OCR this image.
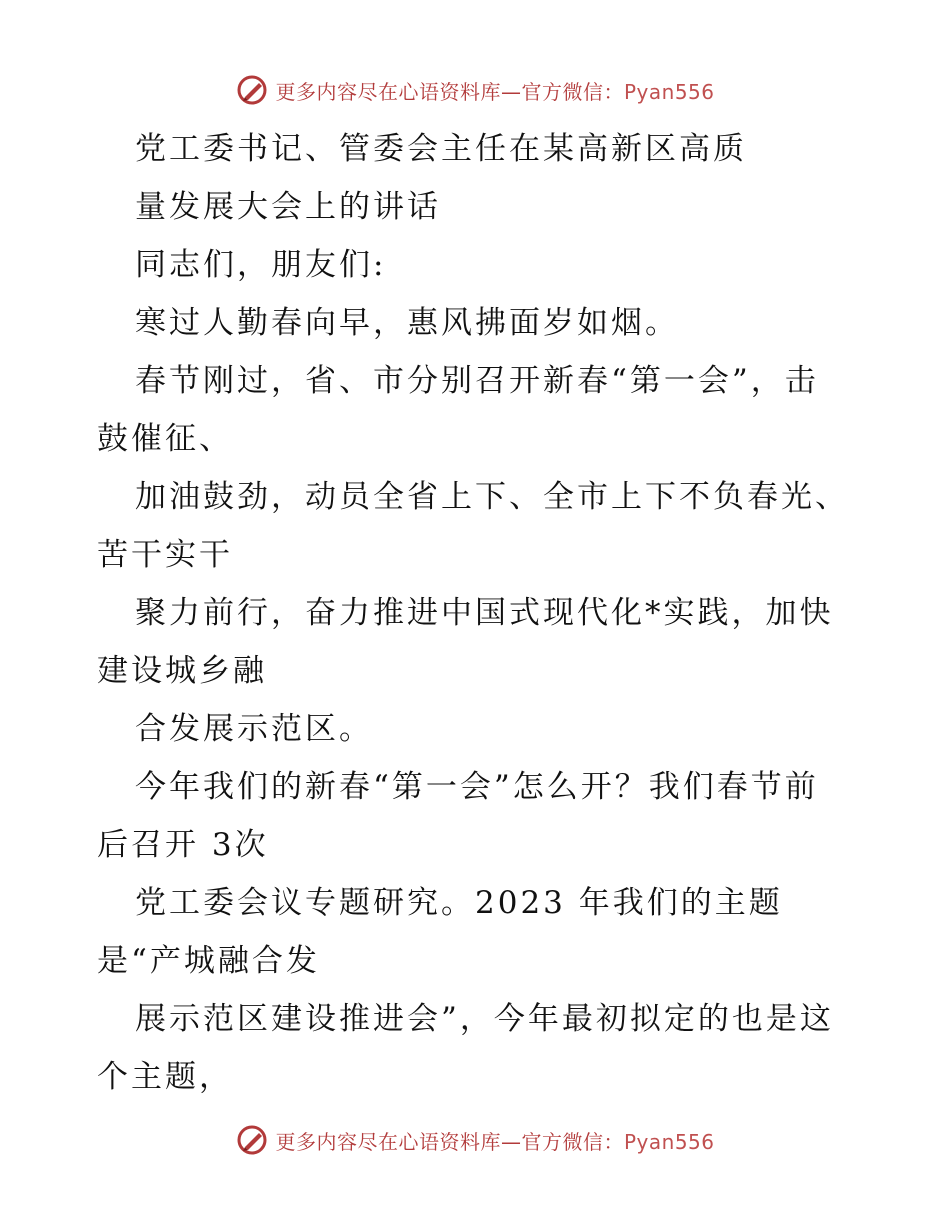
更多内容尽在心语资料库—官方微信：Pyan556
党工委书记、管委会主任在某高新区高质
量发展大会上的讲话
同志们，朋友们:
寒过人勤春向早，惠风拂面岁如烟。
春节刚过，省、市分别召开新春“第一会”，击
鼓催征、
加油鼓劲，动员全省上下、全市上下不负春光、
苦干实干
聚力前行，奋力推进中国式现代化*实践，加快
建设城乡融
合发展示范区。
今年我们的新春“第一会”怎么开？我们春节前
后召开 3次
党工委会议专题研究。2023 年我们的主题
是“产城融合发
展示范区建设推进会”，今年最初拟定的也是这
个主题，
更多内容尽在心语资料库—官方微信：Pyan556
